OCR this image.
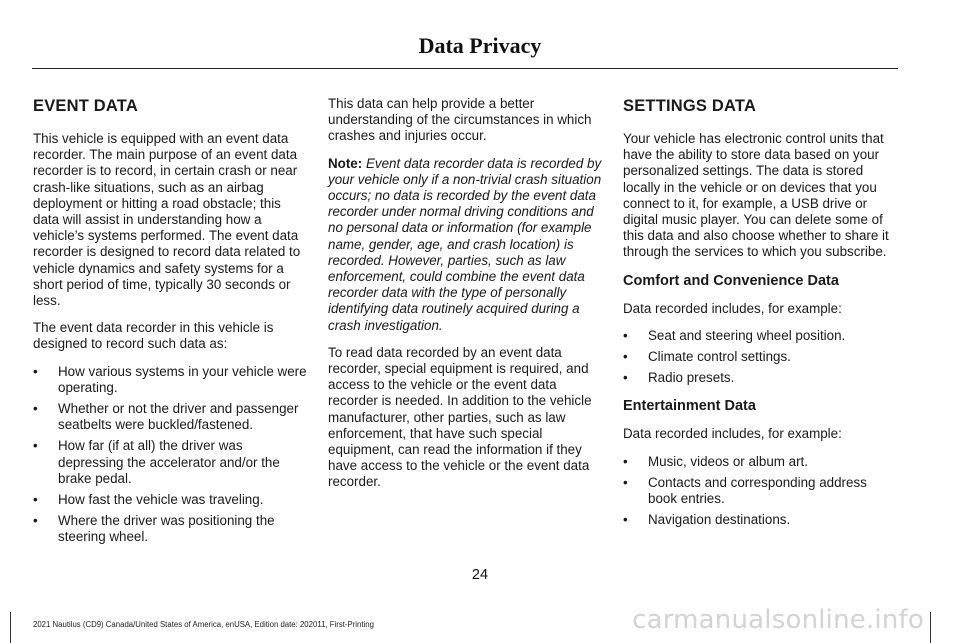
Data Privacy
EVENT DATA

This vehicle is equipped with an event data recorder. The main purpose of an event data recorder is to record, in certain crash or near crash-like situations, such as an airbag deployment or hitting a road obstacle; this data will assist in understanding how a vehicle’s systems performed. The event data recorder is designed to record data related to vehicle dynamics and safety systems for a short period of time, typically 30 seconds or less.

The event data recorder in this vehicle is designed to record such data as:

• How various systems in your vehicle were operating.
• Whether or not the driver and passenger seatbelts were buckled/fastened.
• How far (if at all) the driver was depressing the accelerator and/or the brake pedal.
• How fast the vehicle was traveling.
• Where the driver was positioning the steering wheel.

This data can help provide a better understanding of the circumstances in which crashes and injuries occur.

Note: Event data recorder data is recorded by your vehicle only if a non-trivial crash situation occurs; no data is recorded by the event data recorder under normal driving conditions and no personal data or information (for example name, gender, age, and crash location) is recorded. However, parties, such as law enforcement, could combine the event data recorder data with the type of personally identifying data routinely acquired during a crash investigation.

To read data recorded by an event data recorder, special equipment is required, and access to the vehicle or the event data recorder is needed. In addition to the vehicle manufacturer, other parties, such as law enforcement, that have such special equipment, can read the information if they have access to the vehicle or the event data recorder.

SETTINGS DATA

Your vehicle has electronic control units that have the ability to store data based on your personalized settings. The data is stored locally in the vehicle or on devices that you connect to it, for example, a USB drive or digital music player. You can delete some of this data and also choose whether to share it through the services to which you subscribe.

Comfort and Convenience Data

Data recorded includes, for example:

• Seat and steering wheel position.
• Climate control settings.
• Radio presets.
Entertainment Data

Data recorded includes, for example:

• Music, videos or album art.
• Contacts and corresponding address book entries.
• Navigation destinations.
24
2021 Nautilus (CD9) Canada/United States of America, enUSA, Edition date: 202011, First-Printing	carmanualsonline.info
